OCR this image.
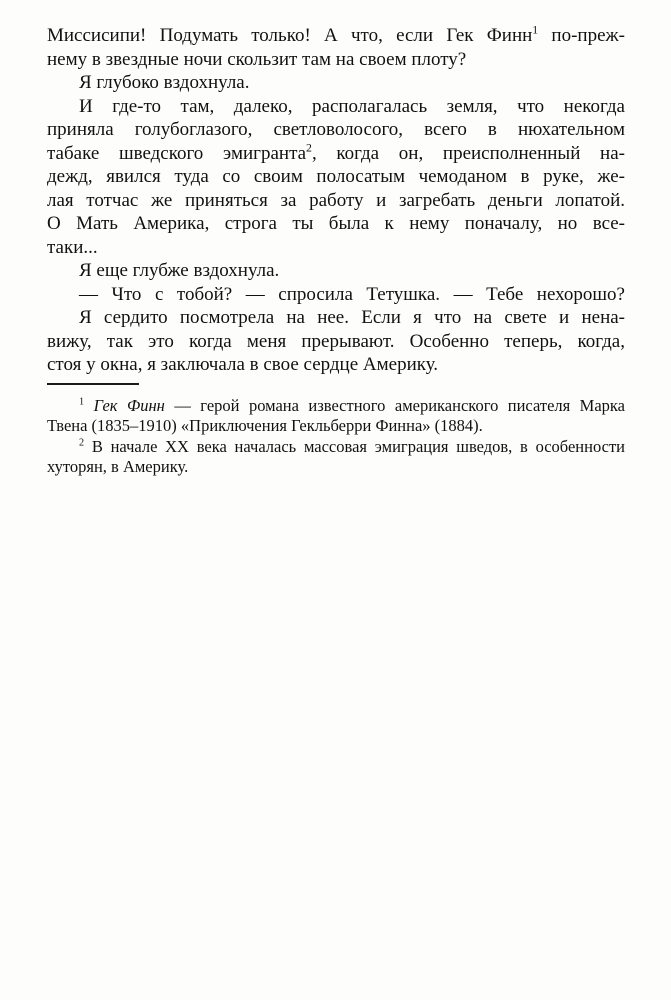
Миссисипи! Подумать только! А что, если Гек Финн$^1$ по-преж-
нему в звездные ночи скользит там на своем плоту?
Я глубоко вздохнула.
И где-то там, далеко, располагалась земля, что некогда
приняла голубоглазого, светловолосого, всего в нюхательном
табаке шведского эмигранта$^2$, когда он, преисполненный на-
дежд, явился туда со своим полосатым чемоданом в руке, же-
лая тотчас же приняться за работу и загребать деньги лопатой.
О Мать Америка, строга ты была к нему поначалу, но все-
таки...
Я еще глубже вздохнула.
— Что с тобой? — спросила Тетушка. — Тебе нехорошо?
Я сердито посмотрела на нее. Если я что на свете и нена-
вижу, так это когда меня прерывают. Особенно теперь, когда,
стоя у окна, я заключала в свое сердце Америку.
$^1$ Гек Финн — герой романа известного американского писателя Марка
Твена (1835–1910) «Приключения Гекльберри Финна» (1884).
$^2$ В начале XX века началась массовая эмиграция шведов, в особенности
хуторян, в Америку.
